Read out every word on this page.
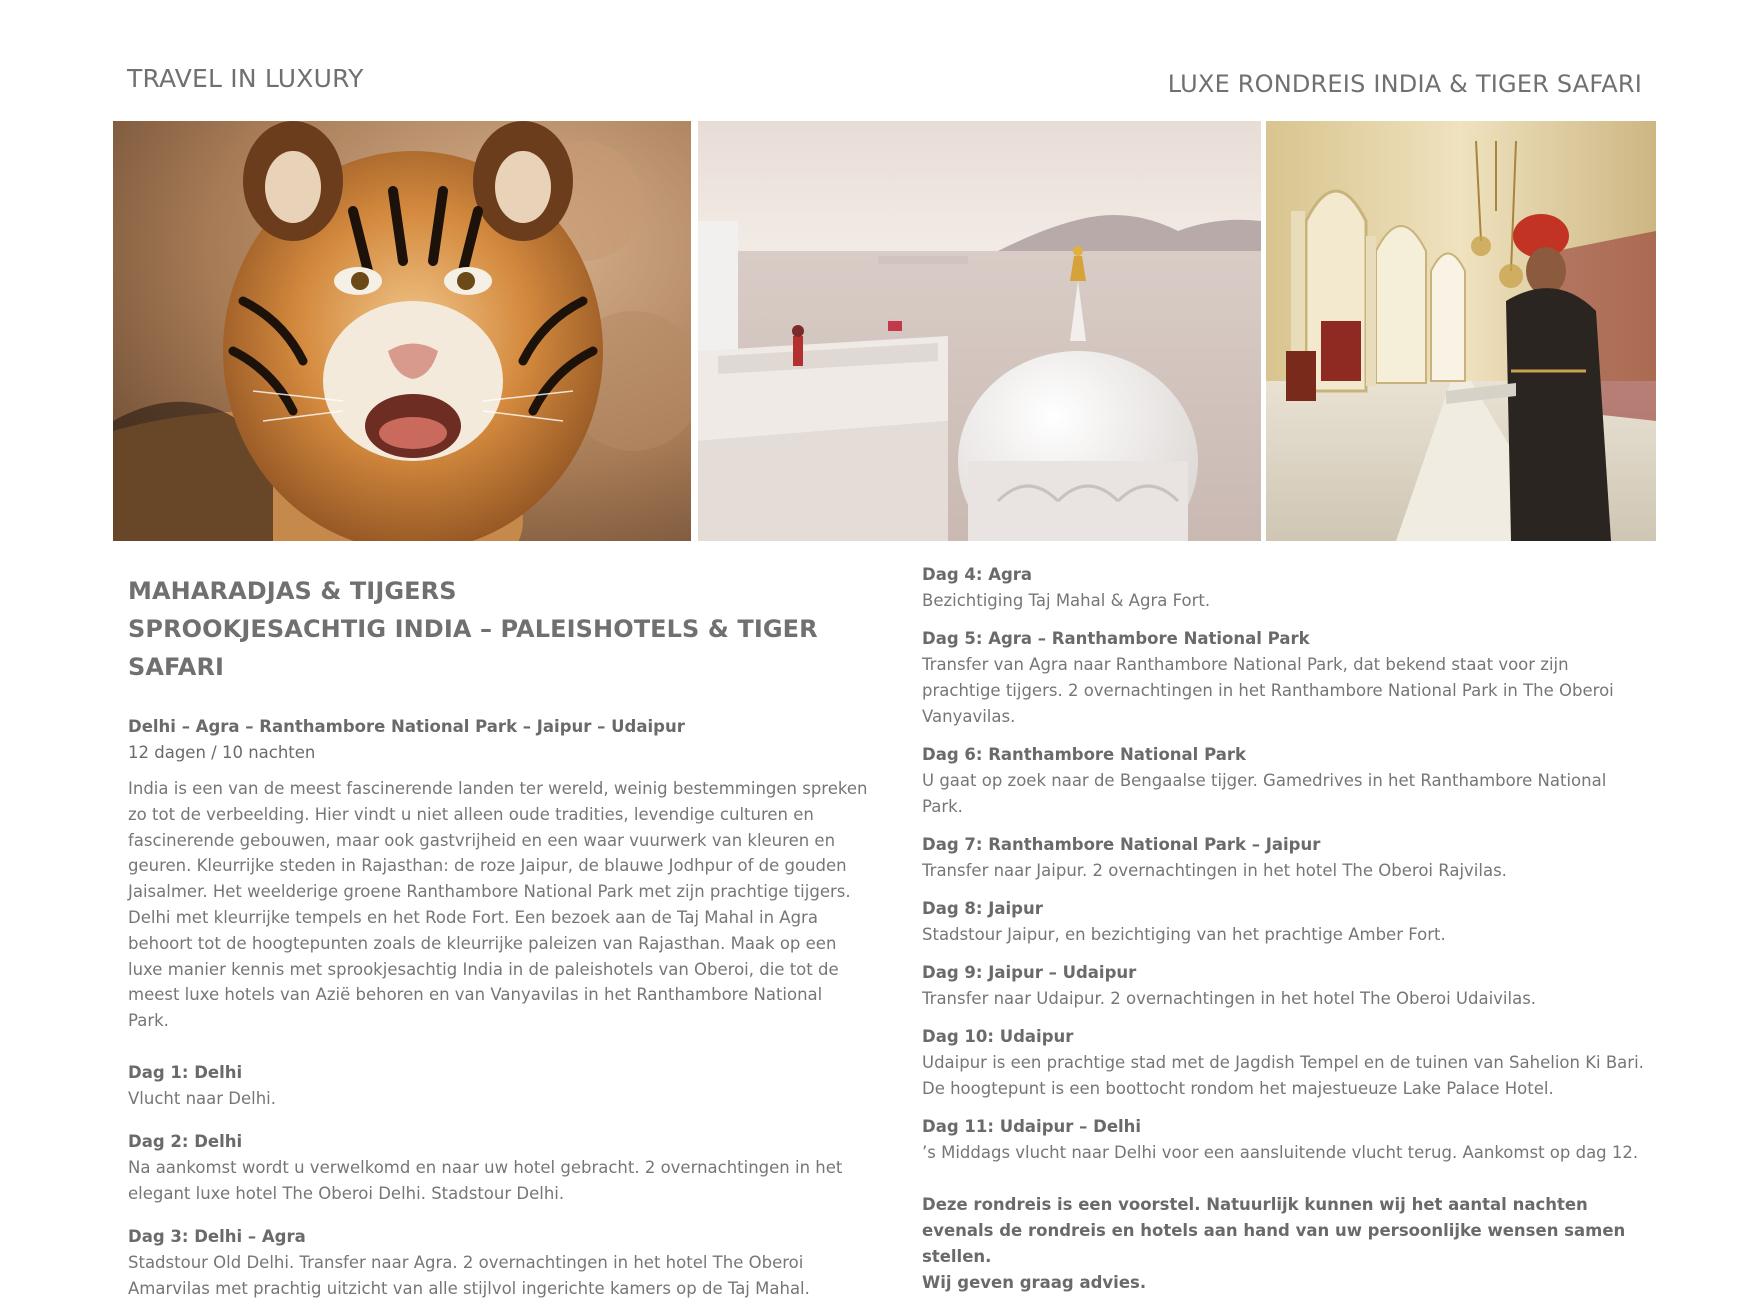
TRAVEL IN LUXURY	LUXE RONDREIS INDIA & TIGER SAFARI
MAHARADJAS & TIJGERS
SPROOKJESACHTIG INDIA – PALEISHOTELS & TIGER SAFARI
Delhi – Agra – Ranthambore National Park – Jaipur – Udaipur
12 dagen / 10 nachten
India is een van de meest fascinerende landen ter wereld, weinig bestemmingen spreken zo tot de verbeelding. Hier vindt u niet alleen oude tradities, levendige culturen en fascinerende gebouwen, maar ook gastvrijheid en een waar vuurwerk van kleuren en geuren. Kleurrijke steden in Rajasthan: de roze Jaipur, de blauwe Jodhpur of de gouden Jaisalmer. Het weelderige groene Ranthambore National Park met zijn prachtige tijgers. Delhi met kleurrijke tempels en het Rode Fort. Een bezoek aan de Taj Mahal in Agra behoort tot de hoogtepunten zoals de kleurrijke paleizen van Rajasthan. Maak op een luxe manier kennis met sprookjesachtig India in de paleishotels van Oberoi, die tot de meest luxe hotels van Azië behoren en van Vanyavilas in het Ranthambore National Park.
Dag 1: Delhi
Vlucht naar Delhi.
Dag 2: Delhi
Na aankomst wordt u verwelkomd en naar uw hotel gebracht. 2 overnachtingen in het elegant luxe hotel The Oberoi Delhi. Stadstour Delhi.
Dag 3: Delhi – Agra
Stadstour Old Delhi. Transfer naar Agra. 2 overnachtingen in het hotel The Oberoi Amarvilas met prachtig uitzicht van alle stijlvol ingerichte kamers op de Taj Mahal.
Dag 4: Agra
Bezichtiging Taj Mahal & Agra Fort.
Dag 5: Agra – Ranthambore National Park
Transfer van Agra naar Ranthambore National Park, dat bekend staat voor zijn prachtige tijgers. 2 overnachtingen in het Ranthambore National Park in The Oberoi Vanyavilas.
Dag 6: Ranthambore National Park
U gaat op zoek naar de Bengaalse tijger. Gamedrives in het Ranthambore National Park.
Dag 7: Ranthambore National Park – Jaipur
Transfer naar Jaipur. 2 overnachtingen in het hotel The Oberoi Rajvilas.
Dag 8: Jaipur
Stadstour Jaipur, en bezichtiging van het prachtige Amber Fort.
Dag 9: Jaipur – Udaipur
Transfer naar Udaipur. 2 overnachtingen in het hotel The Oberoi Udaivilas.
Dag 10: Udaipur
Udaipur is een prachtige stad met de Jagdish Tempel en de tuinen van Sahelion Ki Bari. De hoogtepunt is een boottocht rondom het majestueuze Lake Palace Hotel.
Dag 11: Udaipur – Delhi
’s Middags vlucht naar Delhi voor een aansluitende vlucht terug. Aankomst op dag 12.
Deze rondreis is een voorstel. Natuurlijk kunnen wij het aantal nachten evenals de rondreis en hotels aan hand van uw persoonlijke wensen samen stellen.
Wij geven graag advies.
